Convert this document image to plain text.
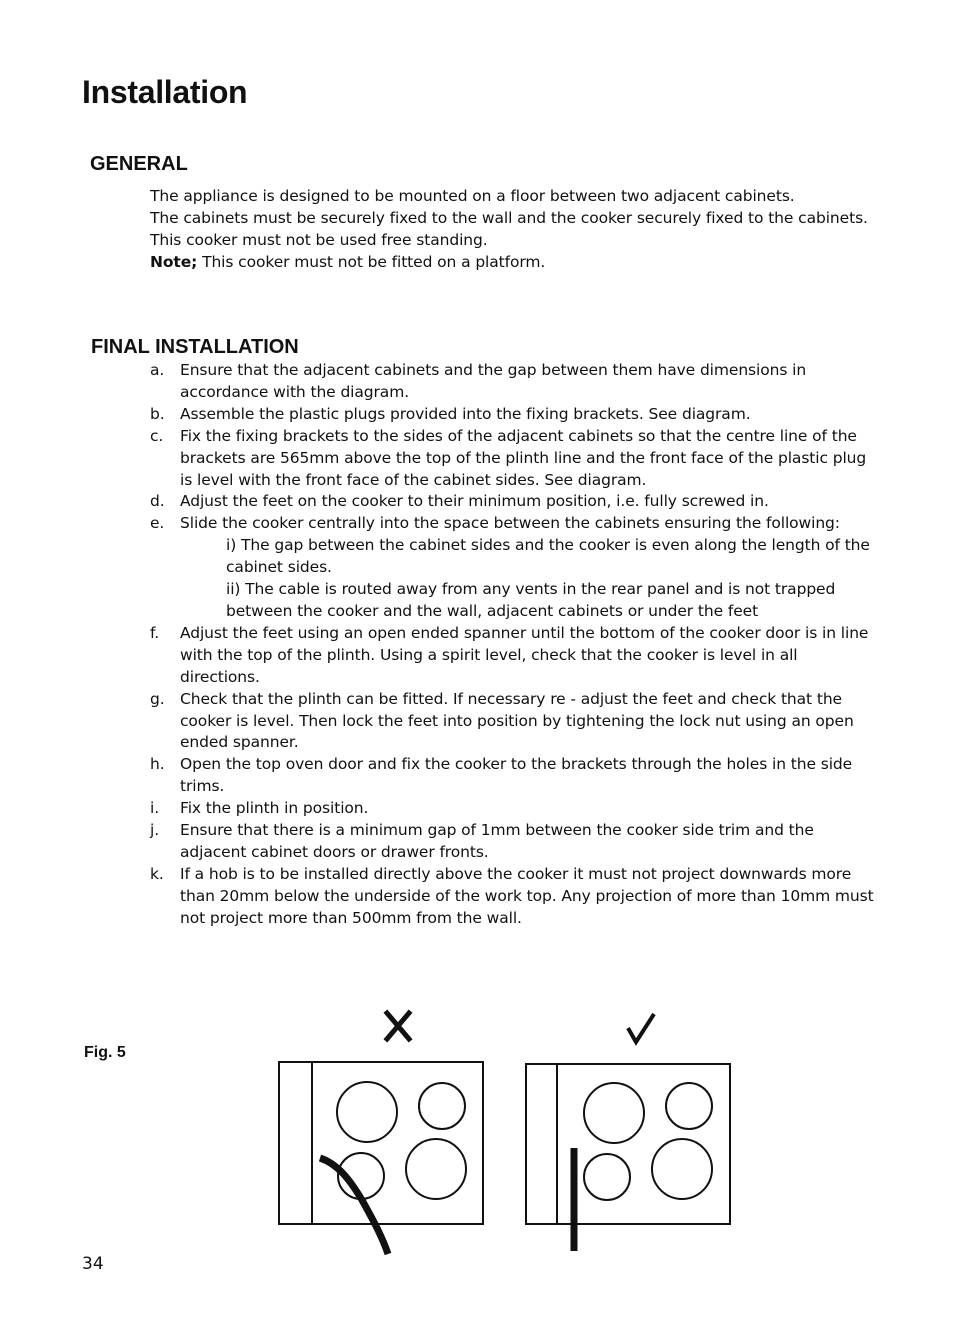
Installation
GENERAL

The appliance is designed to be mounted on a floor between two adjacent cabinets.

The cabinets must be securely fixed to the wall and the cooker securely fixed to the cabinets.

This cooker must not be used free standing.

Note; This cooker must not be fitted on a platform.

FINAL INSTALLATION
a. Ensure that the adjacent cabinets and the gap between them have dimensions in accordance with the diagram.
b. Assemble the plastic plugs provided into the fixing brackets. See diagram.
c. Fix the fixing brackets to the sides of the adjacent cabinets so that the centre line of the brackets are 565mm above the top of the plinth line and the front face of the plastic plug is level with the front face of the cabinet sides. See diagram.
d. Adjust the feet on the cooker to their minimum position, i.e. fully screwed in.
e. Slide the cooker centrally into the space between the cabinets ensuring the following:
i) The gap between the cabinet sides and the cooker is even along the length of the cabinet sides.
ii) The cable is routed away from any vents in the rear panel and is not trapped between the cooker and the wall, adjacent cabinets or under the feet
f. Adjust the feet using an open ended spanner until the bottom of the cooker door is in line with the top of the plinth. Using a spirit level, check that the cooker is level in all directions.
g. Check that the plinth can be fitted. If necessary re - adjust the feet and check that the cooker is level. Then lock the feet into position by tightening the lock nut using an open ended spanner.
h. Open the top oven door and fix the cooker to the brackets through the holes in the side trims.
i. Fix the plinth in position.
j. Ensure that there is a minimum gap of 1mm between the cooker side trim and the adjacent cabinet doors or drawer fronts.
k. If a hob is to be installed directly above the cooker it must not project downwards more than 20mm below the underside of the work top. Any projection of more than 10mm must not project more than 500mm from the wall.
Fig. 5
34
